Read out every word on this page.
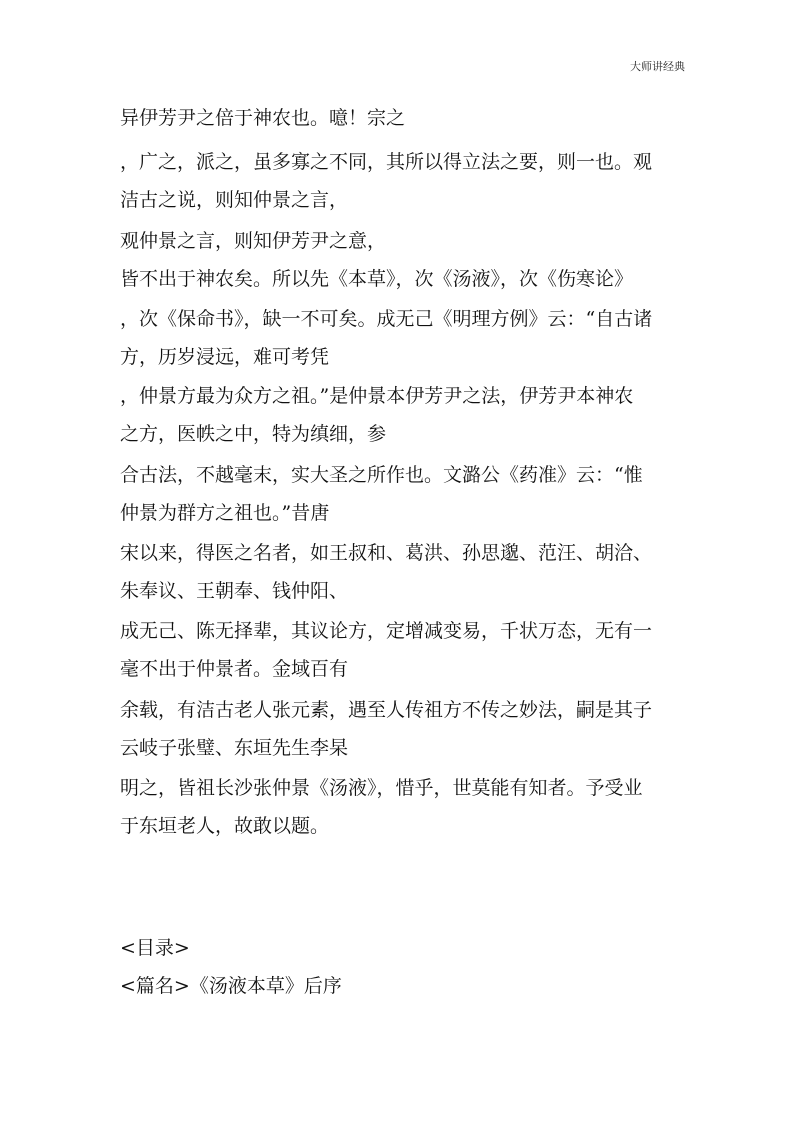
大师讲经典
异伊芳尹之倍于神农也。噫！宗之
，广之，派之，虽多寡之不同，其所以得立法之要，则一也。观
洁古之说，则知仲景之言，
观仲景之言，则知伊芳尹之意，
皆不出于神农矣。所以先《本草》，次《汤液》，次《伤寒论》
，次《保命书》，缺一不可矣。成无己《明理方例》云：“自古诸
方，历岁浸远，难可考凭
，仲景方最为众方之祖。”是仲景本伊芳尹之法，伊芳尹本神农
之方，医帙之中，特为缜细，参
合古法，不越毫末，实大圣之所作也。文潞公《药准》云：“惟
仲景为群方之祖也。”昔唐
宋以来，得医之名者，如王叔和、葛洪、孙思邈、范汪、胡洽、
朱奉议、王朝奉、钱仲阳、
成无己、陈无择辈，其议论方，定增减变易，千状万态，无有一
毫不出于仲景者。金域百有
余载，有洁古老人张元素，遇至人传祖方不传之妙法，嗣是其子
云岐子张璧、东垣先生李杲
明之，皆祖长沙张仲景《汤液》，惜乎，世莫能有知者。予受业
于东垣老人，故敢以题。
<目录>
<篇名>《汤液本草》后序
